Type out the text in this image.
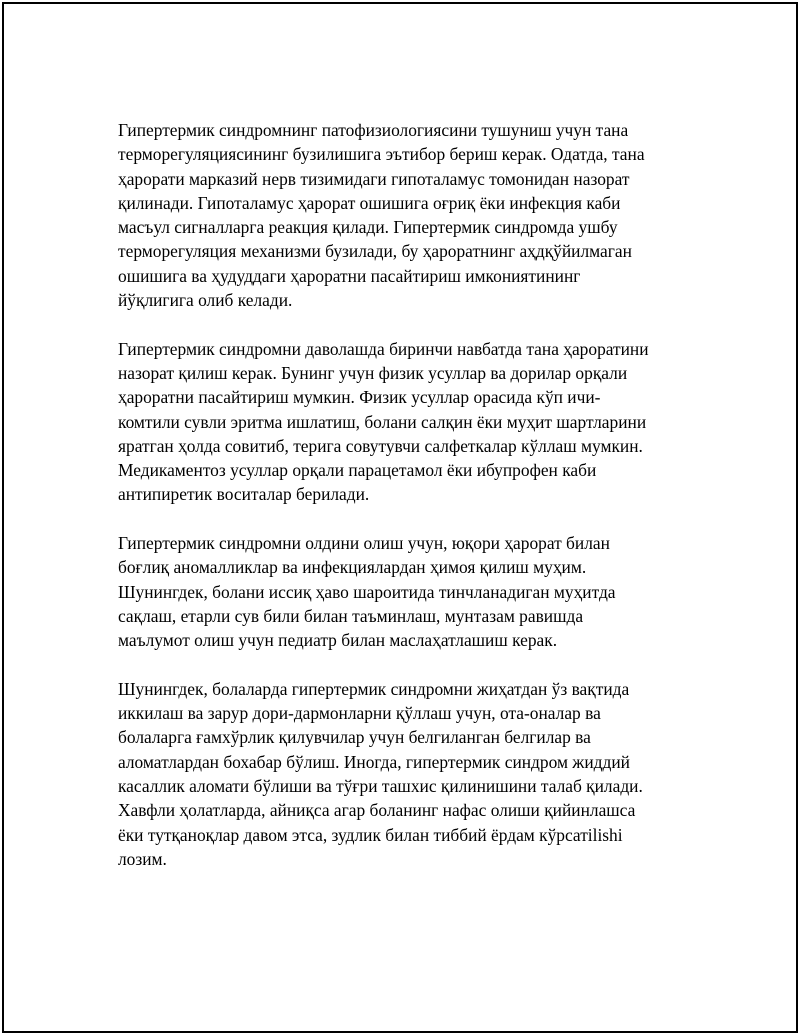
Гипертермик синдромнинг патофизиологиясини тушуниш учун тана
терморегуляциясининг бузилишига эътибор бериш керак. Одатда, тана
ҳарорати марказий нерв тизимидаги гипоталамус томонидан назорат
қилинади. Гипоталамус ҳарорат ошишига оғриқ ёки инфекция каби
масъул сигналларга реакция қилади. Гипертермик синдромда ушбу
терморегуляция механизми бузилади, бу ҳароратнинг аҳдқўйилмаган
ошишига ва ҳудуддаги ҳароратни пасайтириш имкониятининг
йўқлигига олиб келади.

Гипертермик синдромни даволашда биринчи навбатда тана ҳароратини
назорат қилиш керак. Бунинг учун физик усуллар ва дорилар орқали
ҳароратни пасайтириш мумкин. Физик усуллар орасида кўп ичи-
комтили сувли эритма ишлатиш, болани салқин ёки муҳит шартларини
яратган ҳолда совитиб, терига совутувчи салфеткалар кўллаш мумкин.
Медикаментоз усуллар орқали парацетамол ёки ибупрофен каби
антипиретик воситалар берилади.

Гипертермик синдромни олдини олиш учун, юқори ҳарорат билан
боғлиқ аномалликлар ва инфекциялардан ҳимоя қилиш муҳим.
Шунингдек, болани иссиқ ҳаво шароитида тинчланадиган муҳитда
сақлаш, етарли сув били билан таъминлаш, мунтазам равишда
маълумот олиш учун педиатр билан маслаҳатлашиш керак.

Шунингдек, болаларда гипертермик синдромни жиҳатдан ўз вақтида
иккилаш ва зарур дори-дармонларни қўллаш учун, ота-оналар ва
болаларга ғамхўрлик қилувчилар учун белгиланган белгилар ва
аломатлардан бохабар бўлиш. Иногда, гипертермик синдром жиддий
касаллик аломати бўлиши ва тўғри ташхис қилинишини талаб қилади.
Хавфли ҳолатларда, айниқса агар боланинг нафас олиши қийинлашса
ёки тутқаноқлар давом этса, зудлик билан тиббий ёрдам кўрсатilishi
лозим.
